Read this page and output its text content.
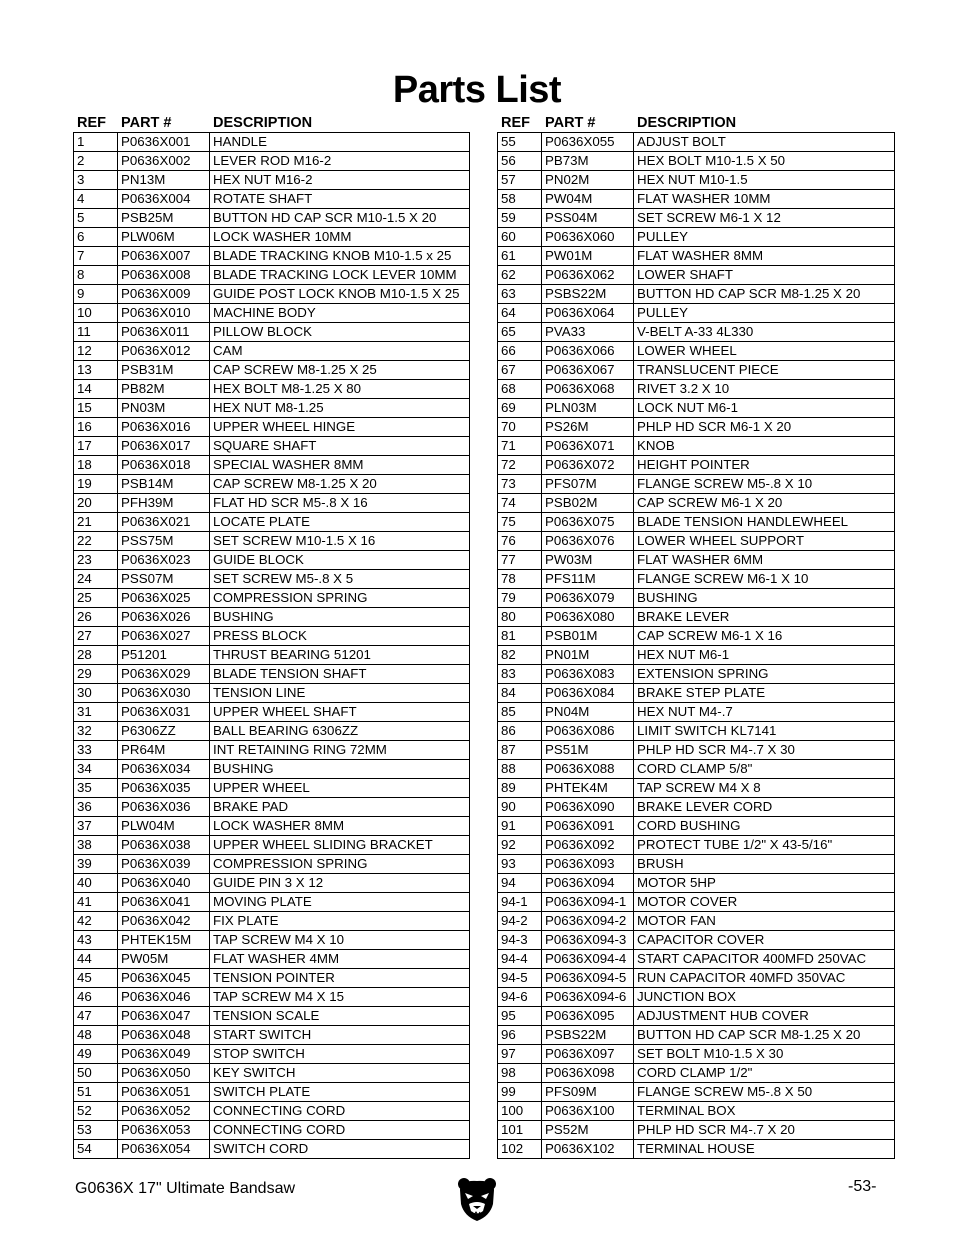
Parts List
REF	PART #	DESCRIPTION
1	P0636X001	HANDLE
2	P0636X002	LEVER ROD M16-2
3	PN13M	HEX NUT M16-2
4	P0636X004	ROTATE SHAFT
5	PSB25M	BUTTON HD CAP SCR M10-1.5 X 20
6	PLW06M	LOCK WASHER 10MM
7	P0636X007	BLADE TRACKING KNOB M10-1.5 x 25
8	P0636X008	BLADE TRACKING LOCK LEVER 10MM
9	P0636X009	GUIDE POST LOCK KNOB M10-1.5 X 25
10	P0636X010	MACHINE BODY
11	P0636X011	PILLOW BLOCK
12	P0636X012	CAM
13	PSB31M	CAP SCREW M8-1.25 X 25
14	PB82M	HEX BOLT M8-1.25 X 80
15	PN03M	HEX NUT M8-1.25
16	P0636X016	UPPER WHEEL HINGE
17	P0636X017	SQUARE SHAFT
18	P0636X018	SPECIAL WASHER 8MM
19	PSB14M	CAP SCREW M8-1.25 X 20
20	PFH39M	FLAT HD SCR M5-.8 X 16
21	P0636X021	LOCATE PLATE
22	PSS75M	SET SCREW M10-1.5 X 16
23	P0636X023	GUIDE BLOCK
24	PSS07M	SET SCREW M5-.8 X 5
25	P0636X025	COMPRESSION SPRING
26	P0636X026	BUSHING
27	P0636X027	PRESS BLOCK
28	P51201	THRUST BEARING 51201
29	P0636X029	BLADE TENSION SHAFT
30	P0636X030	TENSION LINE
31	P0636X031	UPPER WHEEL SHAFT
32	P6306ZZ	BALL BEARING 6306ZZ
33	PR64M	INT RETAINING RING 72MM
34	P0636X034	BUSHING
35	P0636X035	UPPER WHEEL
36	P0636X036	BRAKE PAD
37	PLW04M	LOCK WASHER 8MM
38	P0636X038	UPPER WHEEL SLIDING BRACKET
39	P0636X039	COMPRESSION SPRING
40	P0636X040	GUIDE PIN 3 X 12
41	P0636X041	MOVING PLATE
42	P0636X042	FIX PLATE
43	PHTEK15M	TAP SCREW M4 X 10
44	PW05M	FLAT WASHER 4MM
45	P0636X045	TENSION POINTER
46	P0636X046	TAP SCREW M4 X 15
47	P0636X047	TENSION SCALE
48	P0636X048	START SWITCH
49	P0636X049	STOP SWITCH
50	P0636X050	KEY SWITCH
51	P0636X051	SWITCH PLATE
52	P0636X052	CONNECTING CORD
53	P0636X053	CONNECTING CORD
54	P0636X054	SWITCH CORD
REF	PART #	DESCRIPTION
55	P0636X055	ADJUST BOLT
56	PB73M	HEX BOLT M10-1.5 X 50
57	PN02M	HEX NUT M10-1.5
58	PW04M	FLAT WASHER 10MM
59	PSS04M	SET SCREW M6-1 X 12
60	P0636X060	PULLEY
61	PW01M	FLAT WASHER 8MM
62	P0636X062	LOWER SHAFT
63	PSBS22M	BUTTON HD CAP SCR M8-1.25 X 20
64	P0636X064	PULLEY
65	PVA33	V-BELT A-33 4L330
66	P0636X066	LOWER WHEEL
67	P0636X067	TRANSLUCENT PIECE
68	P0636X068	RIVET 3.2 X 10
69	PLN03M	LOCK NUT M6-1
70	PS26M	PHLP HD SCR M6-1 X 20
71	P0636X071	KNOB
72	P0636X072	HEIGHT POINTER
73	PFS07M	FLANGE SCREW M5-.8 X 10
74	PSB02M	CAP SCREW M6-1 X 20
75	P0636X075	BLADE TENSION HANDLEWHEEL
76	P0636X076	LOWER WHEEL SUPPORT
77	PW03M	FLAT WASHER 6MM
78	PFS11M	FLANGE SCREW M6-1 X 10
79	P0636X079	BUSHING
80	P0636X080	BRAKE LEVER
81	PSB01M	CAP SCREW M6-1 X 16
82	PN01M	HEX NUT M6-1
83	P0636X083	EXTENSION SPRING
84	P0636X084	BRAKE STEP PLATE
85	PN04M	HEX NUT M4-.7
86	P0636X086	LIMIT SWITCH KL7141
87	PS51M	PHLP HD SCR M4-.7 X 30
88	P0636X088	CORD CLAMP 5/8"
89	PHTEK4M	TAP SCREW M4 X 8
90	P0636X090	BRAKE LEVER CORD
91	P0636X091	CORD BUSHING
92	P0636X092	PROTECT TUBE 1/2" X 43-5/16"
93	P0636X093	BRUSH
94	P0636X094	MOTOR 5HP
94-1	P0636X094-1	MOTOR COVER
94-2	P0636X094-2	MOTOR FAN
94-3	P0636X094-3	CAPACITOR COVER
94-4	P0636X094-4	START CAPACITOR 400MFD 250VAC
94-5	P0636X094-5	RUN CAPACITOR 40MFD 350VAC
94-6	P0636X094-6	JUNCTION BOX
95	P0636X095	ADJUSTMENT HUB COVER
96	PSBS22M	BUTTON HD CAP SCR M8-1.25 X 20
97	P0636X097	SET BOLT M10-1.5 X 30
98	P0636X098	CORD CLAMP 1/2"
99	PFS09M	FLANGE SCREW M5-.8 X 50
100	P0636X100	TERMINAL BOX
101	PS52M	PHLP HD SCR M4-.7 X 20
102	P0636X102	TERMINAL HOUSE
G0636X 17" Ultimate Bandsaw	-53-
